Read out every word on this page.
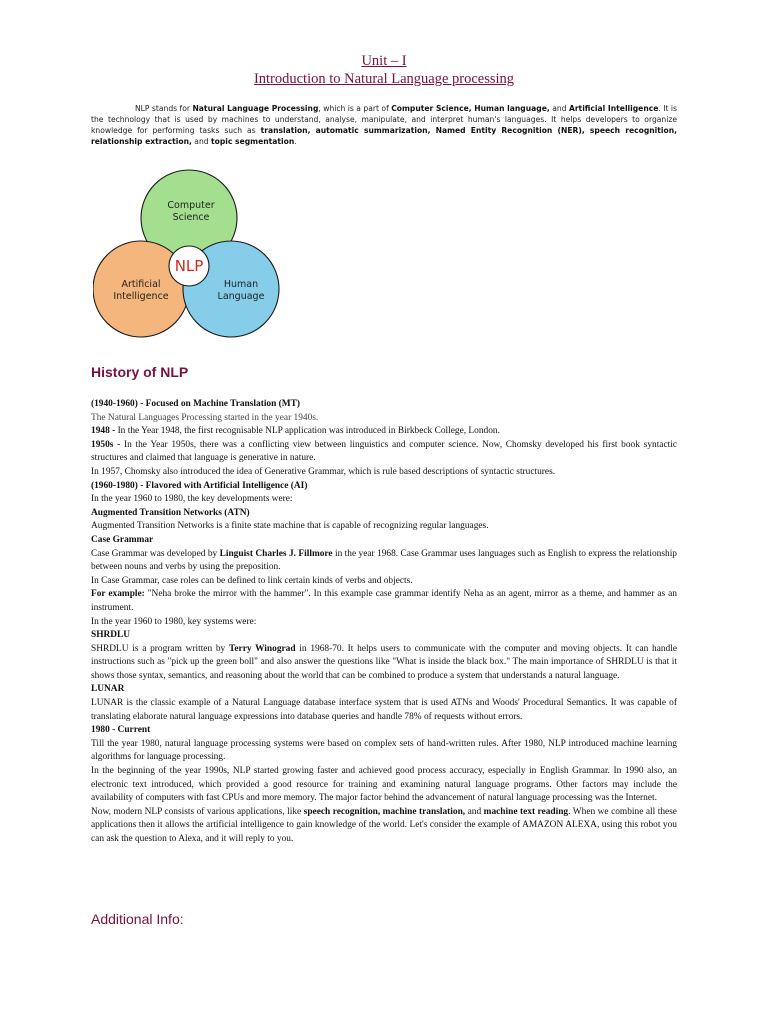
Unit – I
Introduction to Natural Language processing
NLP stands for Natural Language Processing, which is a part of Computer Science, Human language, and Artificial Intelligence. It is the technology that is used by machines to understand, analyse, manipulate, and interpret human's languages. It helps developers to organize knowledge for performing tasks such as translation, automatic summarization, Named Entity Recognition (NER), speech recognition, relationship extraction, and topic segmentation.
Computer
Science
Artificial
Intelligence
Human
Language
NLP
History of NLP

(1940-1960) - Focused on Machine Translation (MT)

The Natural Languages Processing started in the year 1940s.

1948 - In the Year 1948, the first recognisable NLP application was introduced in Birkbeck College, London.

1950s - In the Year 1950s, there was a conflicting view between linguistics and computer science. Now, Chomsky developed his first book syntactic structures and claimed that language is generative in nature.

In 1957, Chomsky also introduced the idea of Generative Grammar, which is rule based descriptions of syntactic structures.

(1960-1980) - Flavored with Artificial Intelligence (AI)

In the year 1960 to 1980, the key developments were:

Augmented Transition Networks (ATN)

Augmented Transition Networks is a finite state machine that is capable of recognizing regular languages.

Case Grammar

Case Grammar was developed by Linguist Charles J. Fillmore in the year 1968. Case Grammar uses languages such as English to express the relationship between nouns and verbs by using the preposition.

In Case Grammar, case roles can be defined to link certain kinds of verbs and objects.

For example: "Neha broke the mirror with the hammer". In this example case grammar identify Neha as an agent, mirror as a theme, and hammer as an instrument.

In the year 1960 to 1980, key systems were:

SHRDLU

SHRDLU is a program written by Terry Winograd in 1968-70. It helps users to communicate with the computer and moving objects. It can handle instructions such as "pick up the green boll" and also answer the questions like "What is inside the black box." The main importance of SHRDLU is that it shows those syntax, semantics, and reasoning about the world that can be combined to produce a system that understands a natural language.

LUNAR

LUNAR is the classic example of a Natural Language database interface system that is used ATNs and Woods' Procedural Semantics. It was capable of translating elaborate natural language expressions into database queries and handle 78% of requests without errors.

1980 - Current

Till the year 1980, natural language processing systems were based on complex sets of hand-written rules. After 1980, NLP introduced machine learning algorithms for language processing.

In the beginning of the year 1990s, NLP started growing faster and achieved good process accuracy, especially in English Grammar. In 1990 also, an electronic text introduced, which provided a good resource for training and examining natural language programs. Other factors may include the availability of computers with fast CPUs and more memory. The major factor behind the advancement of natural language processing was the Internet.

Now, modern NLP consists of various applications, like speech recognition, machine translation, and machine text reading. When we combine all these applications then it allows the artificial intelligence to gain knowledge of the world. Let's consider the example of AMAZON ALEXA, using this robot you can ask the question to Alexa, and it will reply to you.

Additional Info:
